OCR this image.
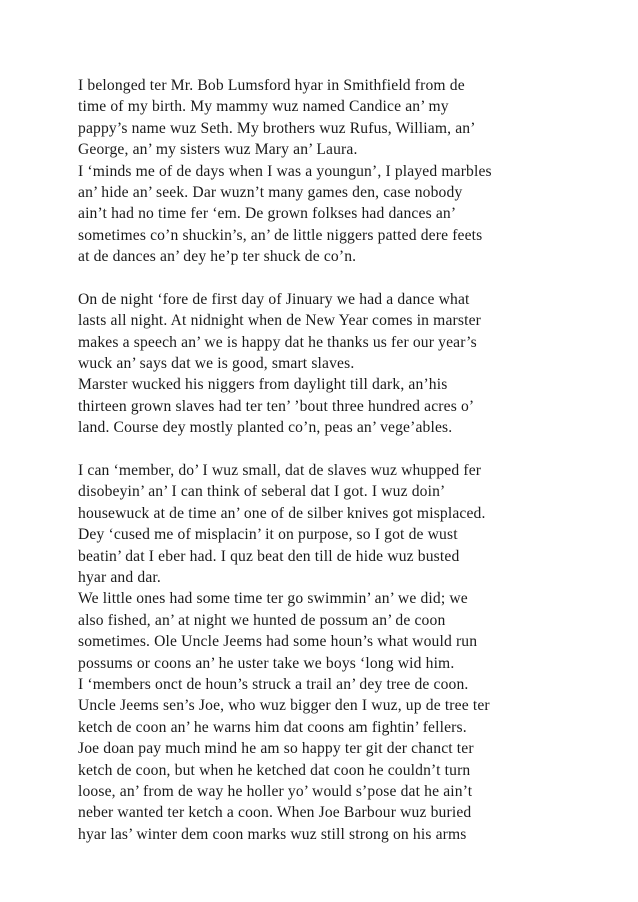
I belonged ter Mr. Bob Lumsford hyar in Smithfield from de
time of my birth. My mammy wuz named Candice an’ my
pappy’s name wuz Seth. My brothers wuz Rufus, William, an’
George, an’ my sisters wuz Mary an’ Laura.
I ‘minds me of de days when I was a youngun’, I played marbles
an’ hide an’ seek. Dar wuzn’t many games den, case nobody
ain’t had no time fer ‘em. De grown folkses had dances an’
sometimes co’n shuckin’s, an’ de little niggers patted dere feets
at de dances an’ dey he’p ter shuck de co’n.
On de night ‘fore de first day of Jinuary we had a dance what
lasts all night. At nidnight when de New Year comes in marster
makes a speech an’ we is happy dat he thanks us fer our year’s
wuck an’ says dat we is good, smart slaves.
Marster wucked his niggers from daylight till dark, an’his
thirteen grown slaves had ter ten’ ’bout three hundred acres o’
land. Course dey mostly planted co’n, peas an’ vege’ables.
I can ‘member, do’ I wuz small, dat de slaves wuz whupped fer
disobeyin’ an’ I can think of seberal dat I got. I wuz doin’
housewuck at de time an’ one of de silber knives got misplaced.
Dey ‘cused me of misplacin’ it on purpose, so I got de wust
beatin’ dat I eber had. I quz beat den till de hide wuz busted
hyar and dar.
We little ones had some time ter go swimmin’ an’ we did; we
also fished, an’ at night we hunted de possum an’ de coon
sometimes. Ole Uncle Jeems had some houn’s what would run
possums or coons an’ he uster take we boys ‘long wid him.
I ‘members onct de houn’s struck a trail an’ dey tree de coon.
Uncle Jeems sen’s Joe, who wuz bigger den I wuz, up de tree ter
ketch de coon an’ he warns him dat coons am fightin’ fellers.
Joe doan pay much mind he am so happy ter git der chanct ter
ketch de coon, but when he ketched dat coon he couldn’t turn
loose, an’ from de way he holler yo’ would s’pose dat he ain’t
neber wanted ter ketch a coon. When Joe Barbour wuz buried
hyar las’ winter dem coon marks wuz still strong on his arms
